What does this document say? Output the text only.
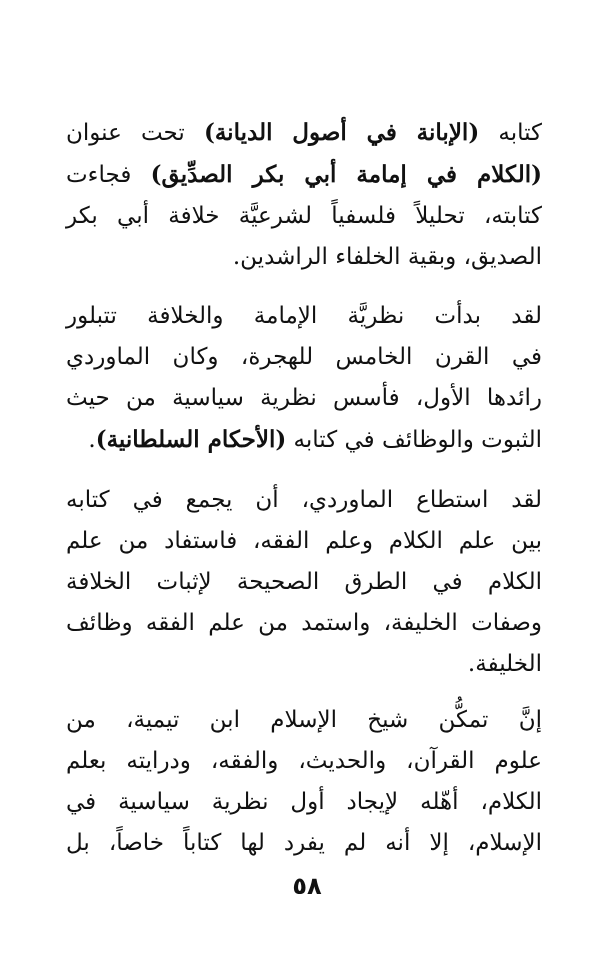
كتابه (الإبانة في أصول الديانة) تحت عنوان
(الكلام في إمامة أبي بكر الصدِّيق) فجاءت
كتابته، تحليلاً فلسفياً لشرعيَّة خلافة أبي بكر
الصديق، وبقية الخلفاء الراشدين.
لقد بدأت نظريَّة الإمامة والخلافة تتبلور
في القرن الخامس للهجرة، وكان الماوردي
رائدها الأول، فأسس نظرية سياسية من حيث
الثبوت والوظائف في كتابه (الأحكام السلطانية).
لقد استطاع الماوردي، أن يجمع في كتابه
بين علم الكلام وعلم الفقه، فاستفاد من علم
الكلام في الطرق الصحيحة لإثبات الخلافة
وصفات الخليفة، واستمد من علم الفقه وظائف
الخليفة.
إنَّ تمكُّن شيخ الإسلام ابن تيمية، من
علوم القرآن، والحديث، والفقه، ودرايته بعلم
الكلام، أهّله لإيجاد أول نظرية سياسية في
الإسلام، إلا أنه لم يفرد لها كتاباً خاصاً، بل
٥٨
